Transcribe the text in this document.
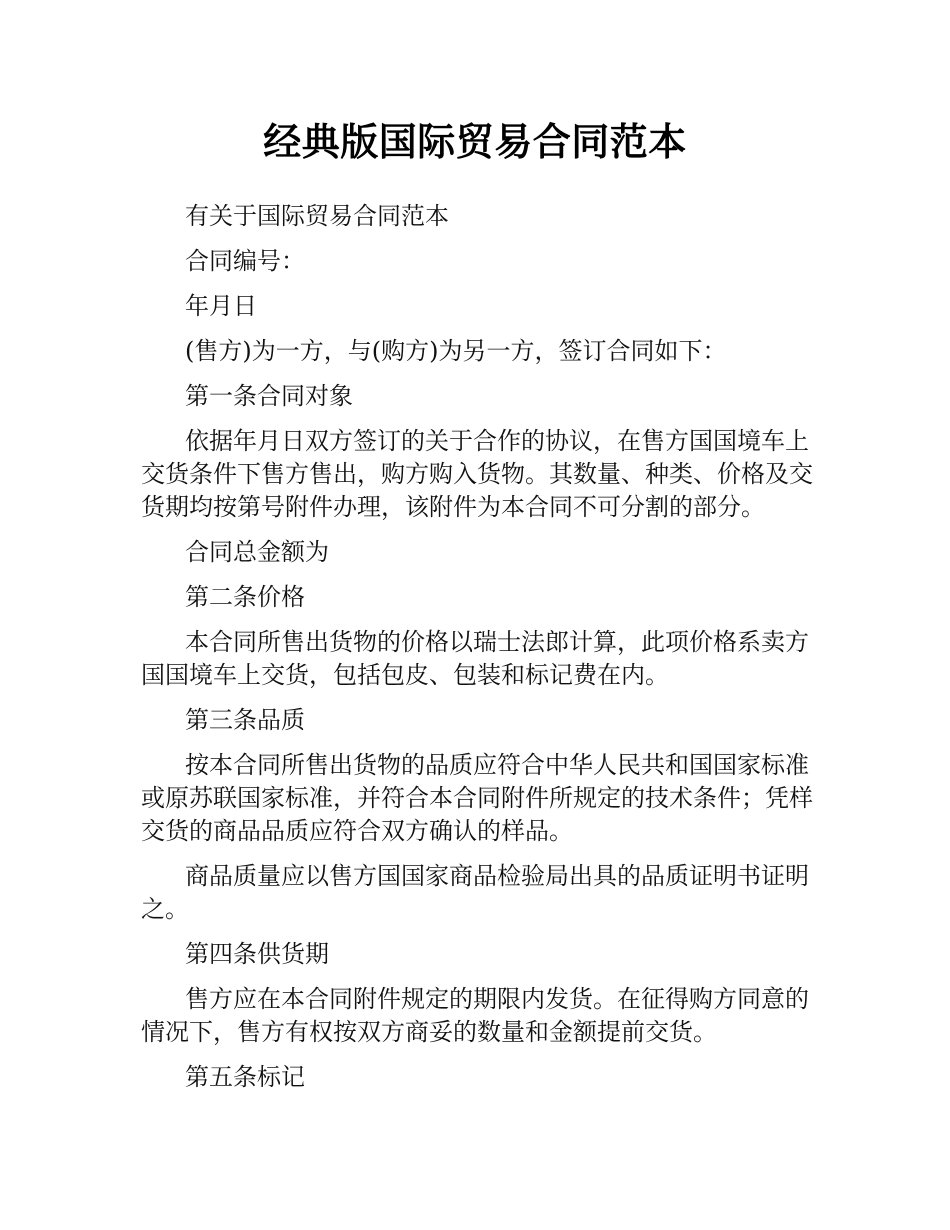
经典版国际贸易合同范本

有关于国际贸易合同范本

合同编号：

年月日

(售方)为一方，与(购方)为另一方，签订合同如下：

第一条合同对象

依据年月日双方签订的关于合作的协议，在售方国国境车上交货条件下售方售出，购方购入货物。其数量、种类、价格及交货期均按第号附件办理，该附件为本合同不可分割的部分。

合同总金额为

第二条价格

本合同所售出货物的价格以瑞士法郎计算，此项价格系卖方国国境车上交货，包括包皮、包装和标记费在内。

第三条品质

按本合同所售出货物的品质应符合中华人民共和国国家标准或原苏联国家标准，并符合本合同附件所规定的技术条件；凭样交货的商品品质应符合双方确认的样品。

商品质量应以售方国国家商品检验局出具的品质证明书证明之。

第四条供货期

售方应在本合同附件规定的期限内发货。在征得购方同意的情况下，售方有权按双方商妥的数量和金额提前交货。

第五条标记
